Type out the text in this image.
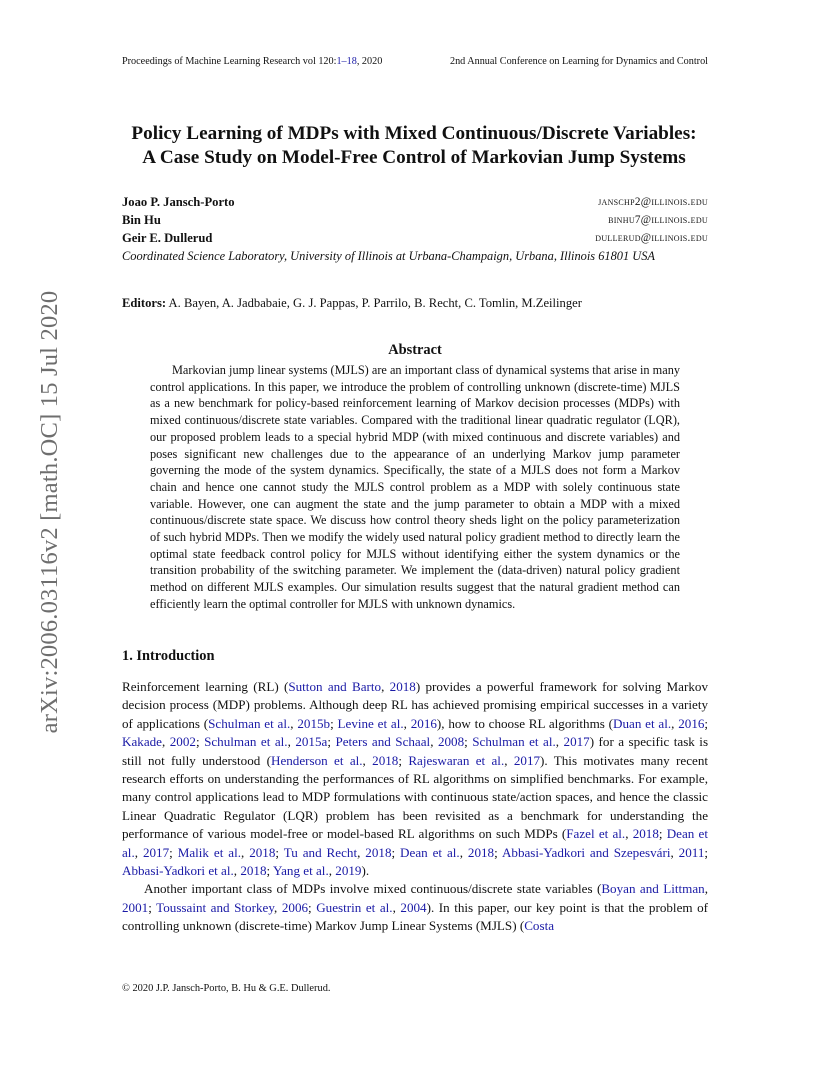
Proceedings of Machine Learning Research vol 120:1–18, 2020	2nd Annual Conference on Learning for Dynamics and Control
arXiv:2006.03116v2 [math.OC] 15 Jul 2020
Policy Learning of MDPs with Mixed Continuous/Discrete Variables:
A Case Study on Model-Free Control of Markovian Jump Systems
Joao P. Jansch-Porto	janschp2@illinois.edu
Bin Hu	binhu7@illinois.edu
Geir E. Dullerud	dullerud@illinois.edu
Coordinated Science Laboratory, University of Illinois at Urbana-Champaign, Urbana, Illinois 61801 USA
Editors: A. Bayen, A. Jadbabaie, G. J. Pappas, P. Parrilo, B. Recht, C. Tomlin, M.Zeilinger
Abstract

Markovian jump linear systems (MJLS) are an important class of dynamical systems that arise in many control applications. In this paper, we introduce the problem of controlling unknown (discrete-time) MJLS as a new benchmark for policy-based reinforcement learning of Markov decision processes (MDPs) with mixed continuous/discrete state variables. Compared with the traditional linear quadratic regulator (LQR), our proposed problem leads to a special hybrid MDP (with mixed continuous and discrete variables) and poses significant new challenges due to the appearance of an underlying Markov jump parameter governing the mode of the system dynamics. Specifically, the state of a MJLS does not form a Markov chain and hence one cannot study the MJLS control problem as a MDP with solely continuous state variable. However, one can augment the state and the jump parameter to obtain a MDP with a mixed continuous/discrete state space. We discuss how control theory sheds light on the policy parameterization of such hybrid MDPs. Then we modify the widely used natural policy gradient method to directly learn the optimal state feedback control policy for MJLS without identifying either the system dynamics or the transition probability of the switching parameter. We implement the (data-driven) natural policy gradient method on different MJLS examples. Our simulation results suggest that the natural gradient method can efficiently learn the optimal controller for MJLS with unknown dynamics.

1. Introduction

Reinforcement learning (RL) (Sutton and Barto, 2018) provides a powerful framework for solving Markov decision process (MDP) problems. Although deep RL has achieved promising empirical successes in a variety of applications (Schulman et al., 2015b; Levine et al., 2016), how to choose RL algorithms (Duan et al., 2016; Kakade, 2002; Schulman et al., 2015a; Peters and Schaal, 2008; Schulman et al., 2017) for a specific task is still not fully understood (Henderson et al., 2018; Rajeswaran et al., 2017). This motivates many recent research efforts on understanding the performances of RL algorithms on simplified benchmarks. For example, many control applications lead to MDP formulations with continuous state/action spaces, and hence the classic Linear Quadratic Regulator (LQR) problem has been revisited as a benchmark for understanding the performance of various model-free or model-based RL algorithms on such MDPs (Fazel et al., 2018; Dean et al., 2017; Malik et al., 2018; Tu and Recht, 2018; Dean et al., 2018; Abbasi-Yadkori and Szepesvári, 2011; Abbasi-Yadkori et al., 2018; Yang et al., 2019).

Another important class of MDPs involve mixed continuous/discrete state variables (Boyan and Littman, 2001; Toussaint and Storkey, 2006; Guestrin et al., 2004). In this paper, our key point is that the problem of controlling unknown (discrete-time) Markov Jump Linear Systems (MJLS) (Costa

© 2020 J.P. Jansch-Porto, B. Hu & G.E. Dullerud.
